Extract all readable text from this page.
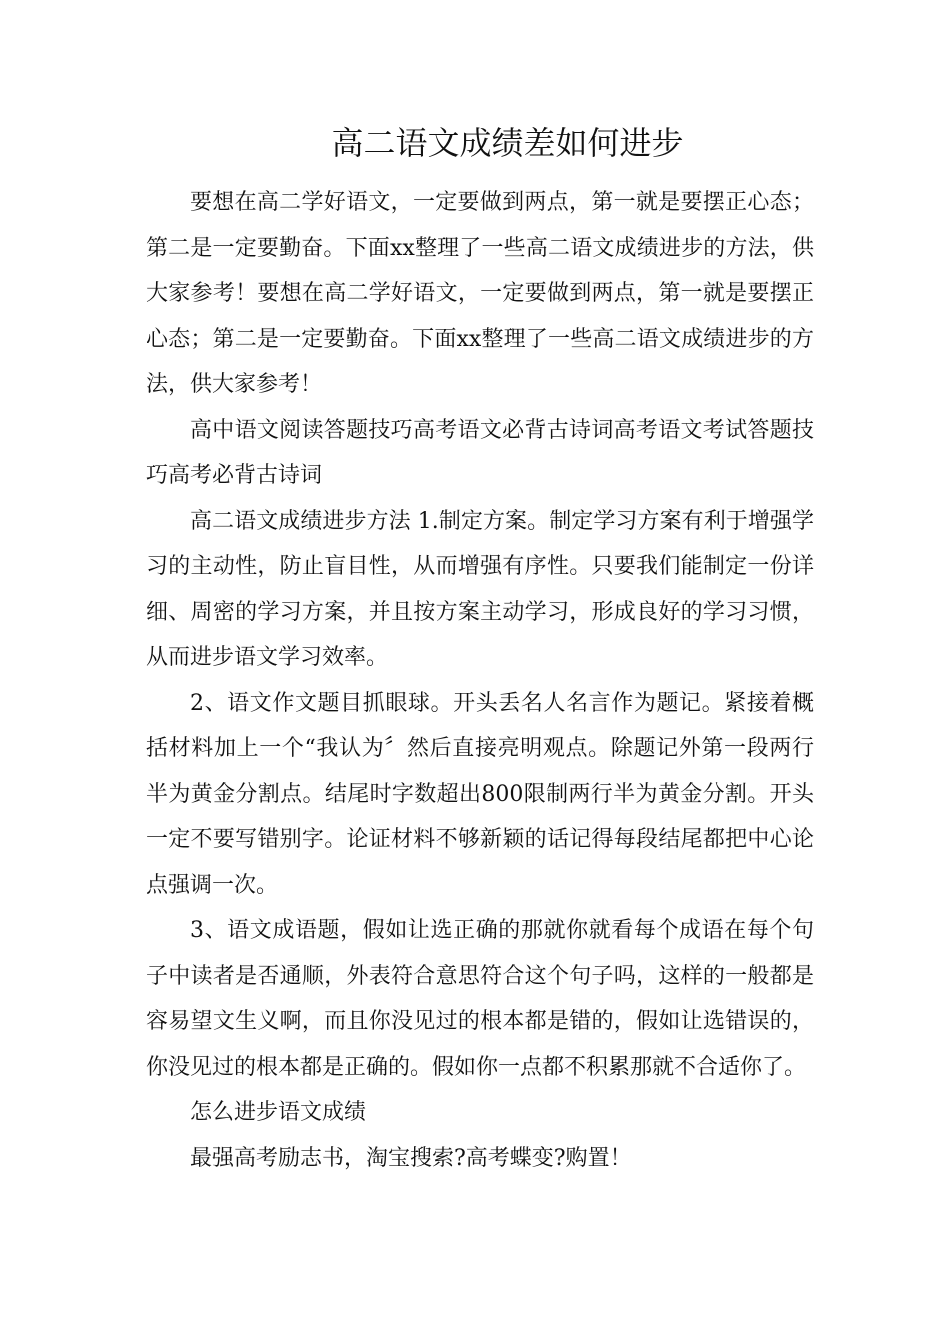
高二语文成绩差如何进步

要想在高二学好语文，一定要做到两点，第一就是要摆正心态；第二是一定要勤奋。下面xx整理了一些高二语文成绩进步的方法，供大家参考！要想在高二学好语文，一定要做到两点，第一就是要摆正心态；第二是一定要勤奋。下面xx整理了一些高二语文成绩进步的方法，供大家参考！

高中语文阅读答题技巧高考语文必背古诗词高考语文考试答题技巧高考必背古诗词

高二语文成绩进步方法 1.制定方案。制定学习方案有利于增强学习的主动性，防止盲目性，从而增强有序性。只要我们能制定一份详细、周密的学习方案，并且按方案主动学习，形成良好的学习习惯，从而进步语文学习效率。

2、语文作文题目抓眼球。开头丢名人名言作为题记。紧接着概括材料加上一个“我认为〞然后直接亮明观点。除题记外第一段两行半为黄金分割点。结尾时字数超出800限制两行半为黄金分割。开头一定不要写错别字。论证材料不够新颖的话记得每段结尾都把中心论点强调一次。

3、语文成语题，假如让选正确的那就你就看每个成语在每个句子中读者是否通顺，外表符合意思符合这个句子吗，这样的一般都是容易望文生义啊，而且你没见过的根本都是错的，假如让选错误的，你没见过的根本都是正确的。假如你一点都不积累那就不合适你了。

怎么进步语文成绩

最强高考励志书，淘宝搜索?高考蝶变?购置！
